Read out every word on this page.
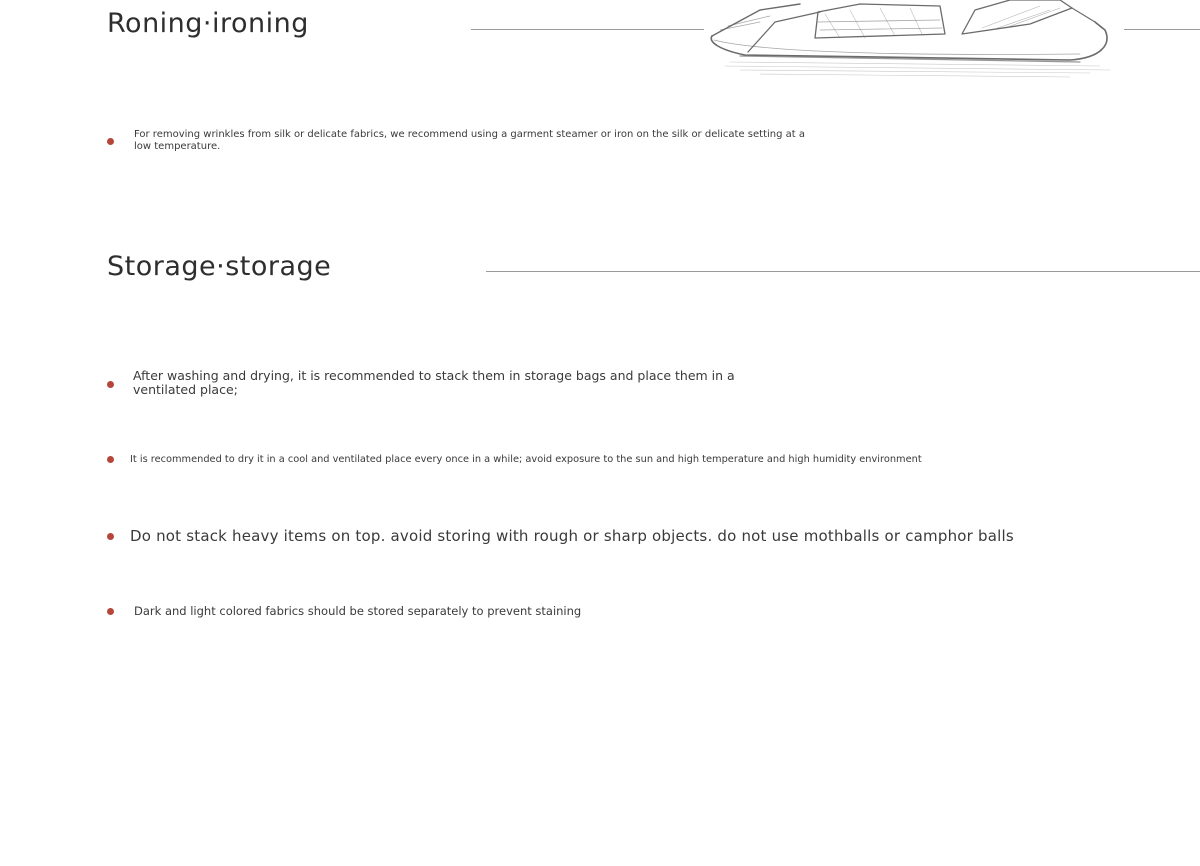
Roning·ironing

For removing wrinkles from silk or delicate fabrics, we recommend using a garment steamer or iron on the silk or delicate setting at a low temperature.

Storage·storage

After washing and drying, it is recommended to stack them in storage bags and place them in a ventilated place;

It is recommended to dry it in a cool and ventilated place every once in a while; avoid exposure to the sun and high temperature and high humidity environment

Do not stack heavy items on top. avoid storing with rough or sharp objects. do not use mothballs or camphor balls

Dark and light colored fabrics should be stored separately to prevent staining
